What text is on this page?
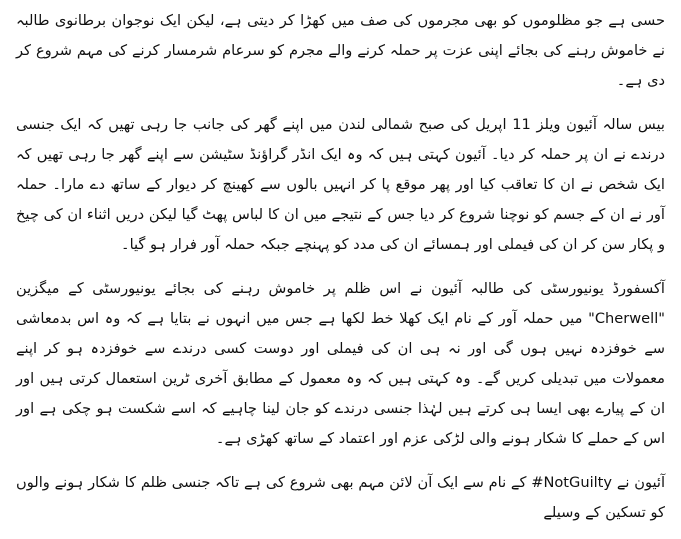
حسی ہے جو مظلوموں کو بھی مجرموں کی صف میں کھڑا کر دیتی ہے، لیکن ایک نوجوان برطانوی طالبہ نے خاموش رہنے کی بجائے اپنی عزت پر حملہ کرنے والے مجرم کو سرعام شرمسار کرنے کی مہم شروع کر دی ہے۔

بیس سالہ آئیون ویلز 11 اپریل کی صبح شمالی لندن میں اپنے گھر کی جانب جا رہی تھیں کہ ایک جنسی درندے نے ان پر حملہ کر دیا۔ آئیون کہتی ہیں کہ وہ ایک انڈر گراؤنڈ سٹیشن سے اپنے گھر جا رہی تھیں کہ ایک شخص نے ان کا تعاقب کیا اور پھر موقع پا کر انہیں بالوں سے کھینچ کر دیوار کے ساتھ دے مارا۔ حملہ آور نے ان کے جسم کو نوچنا شروع کر دیا جس کے نتیجے میں ان کا لباس پھٹ گیا لیکن دریں اثناء ان کی چیخ و پکار سن کر ان کی فیملی اور ہمسائے ان کی مدد کو پہنچے جبکہ حملہ آور فرار ہو گیا۔

آکسفورڈ یونیورسٹی کی طالبہ آئیون نے اس ظلم پر خاموش رہنے کی بجائے یونیورسٹی کے میگزین "Cherwell" میں حملہ آور کے نام ایک کھلا خط لکھا ہے جس میں انہوں نے بتایا ہے کہ وہ اس بدمعاشی سے خوفزدہ نہیں ہوں گی اور نہ ہی ان کی فیملی اور دوست کسی درندے سے خوفزدہ ہو کر اپنے معمولات میں تبدیلی کریں گے۔ وہ کہتی ہیں کہ وہ معمول کے مطابق آخری ٹرین استعمال کرتی ہیں اور ان کے پیارے بھی ایسا ہی کرتے ہیں لہٰذا جنسی درندے کو جان لینا چاہیے کہ اسے شکست ہو چکی ہے اور اس کے حملے کا شکار ہونے والی لڑکی عزم اور اعتماد کے ساتھ کھڑی ہے۔

آئیون نے NotGuilty# کے نام سے ایک آن لائن مہم بھی شروع کی ہے تاکہ جنسی ظلم کا شکار ہونے والوں کو تسکین کے وسیلے
